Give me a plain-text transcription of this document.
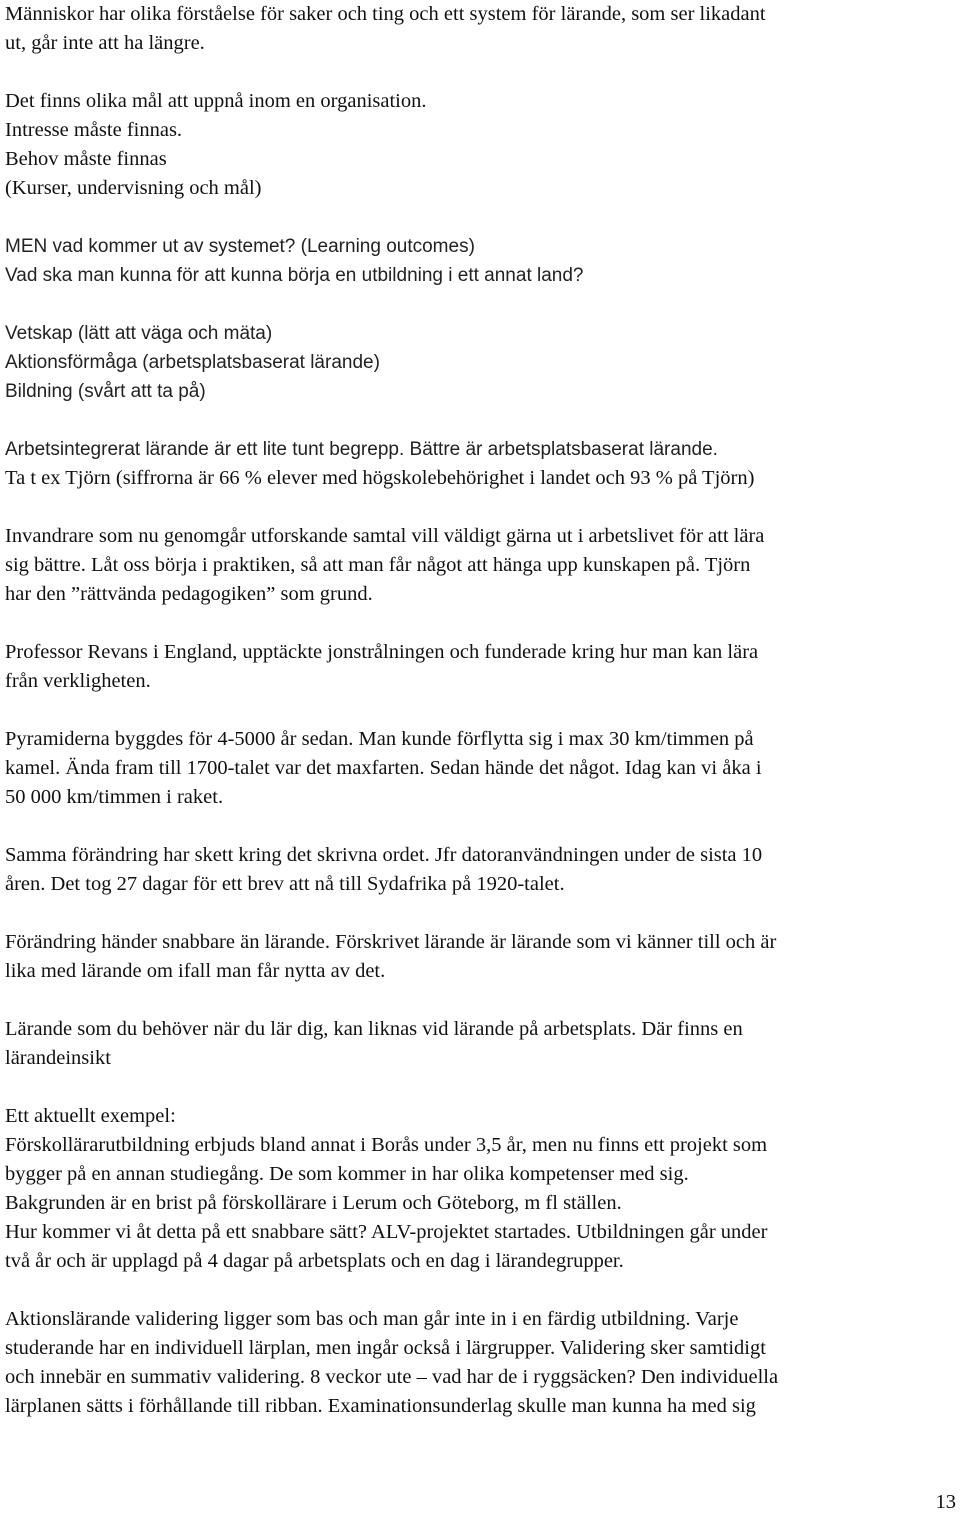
Människor har olika förståelse för saker och ting och ett system för lärande, som ser likadant
ut, går inte att ha längre.
Det finns olika mål att uppnå inom en organisation.
Intresse måste finnas.
Behov måste finnas
(Kurser, undervisning och mål)
MEN vad kommer ut av systemet? (Learning outcomes)
Vad ska man kunna för att kunna börja en utbildning i ett annat land?
Vetskap (lätt att väga och mäta)
Aktionsförmåga (arbetsplatsbaserat lärande)
Bildning (svårt att ta på)
Arbetsintegrerat lärande är ett lite tunt begrepp. Bättre är arbetsplatsbaserat lärande.
Ta t ex Tjörn (siffrorna är 66 % elever med högskolebehörighet i landet och 93 % på Tjörn)
Invandrare som nu genomgår utforskande samtal vill väldigt gärna ut i arbetslivet för att lära
sig bättre. Låt oss börja i praktiken, så att man får något att hänga upp kunskapen på. Tjörn
har den ”rättvända pedagogiken” som grund.
Professor Revans i England, upptäckte jonstrålningen och funderade kring hur man kan lära
från verkligheten.
Pyramiderna byggdes för 4-5000 år sedan. Man kunde förflytta sig i max 30 km/timmen på
kamel. Ända fram till 1700-talet var det maxfarten. Sedan hände det något. Idag kan vi åka i
50 000 km/timmen i raket.
Samma förändring har skett kring det skrivna ordet. Jfr datoranvändningen under de sista 10
åren. Det tog 27 dagar för ett brev att nå till Sydafrika på 1920-talet.
Förändring händer snabbare än lärande. Förskrivet lärande är lärande som vi känner till och är
lika med lärande om ifall man får nytta av det.
Lärande som du behöver när du lär dig, kan liknas vid lärande på arbetsplats. Där finns en
lärandeinsikt
Ett aktuellt exempel:
Förskollärarutbildning erbjuds bland annat i Borås under 3,5 år, men nu finns ett projekt som
bygger på en annan studiegång. De som kommer in har olika kompetenser med sig.
Bakgrunden är en brist på förskollärare i Lerum och Göteborg, m fl ställen.
Hur kommer vi åt detta på ett snabbare sätt? ALV-projektet startades. Utbildningen går under
två år och är upplagd på 4 dagar på arbetsplats och en dag i lärandegrupper.
Aktionslärande validering ligger som bas och man går inte in i en färdig utbildning. Varje
studerande har en individuell lärplan, men ingår också i lärgrupper. Validering sker samtidigt
och innebär en summativ validering. 8 veckor ute – vad har de i ryggsäcken? Den individuella
lärplanen sätts i förhållande till ribban. Examinationsunderlag skulle man kunna ha med sig
13
